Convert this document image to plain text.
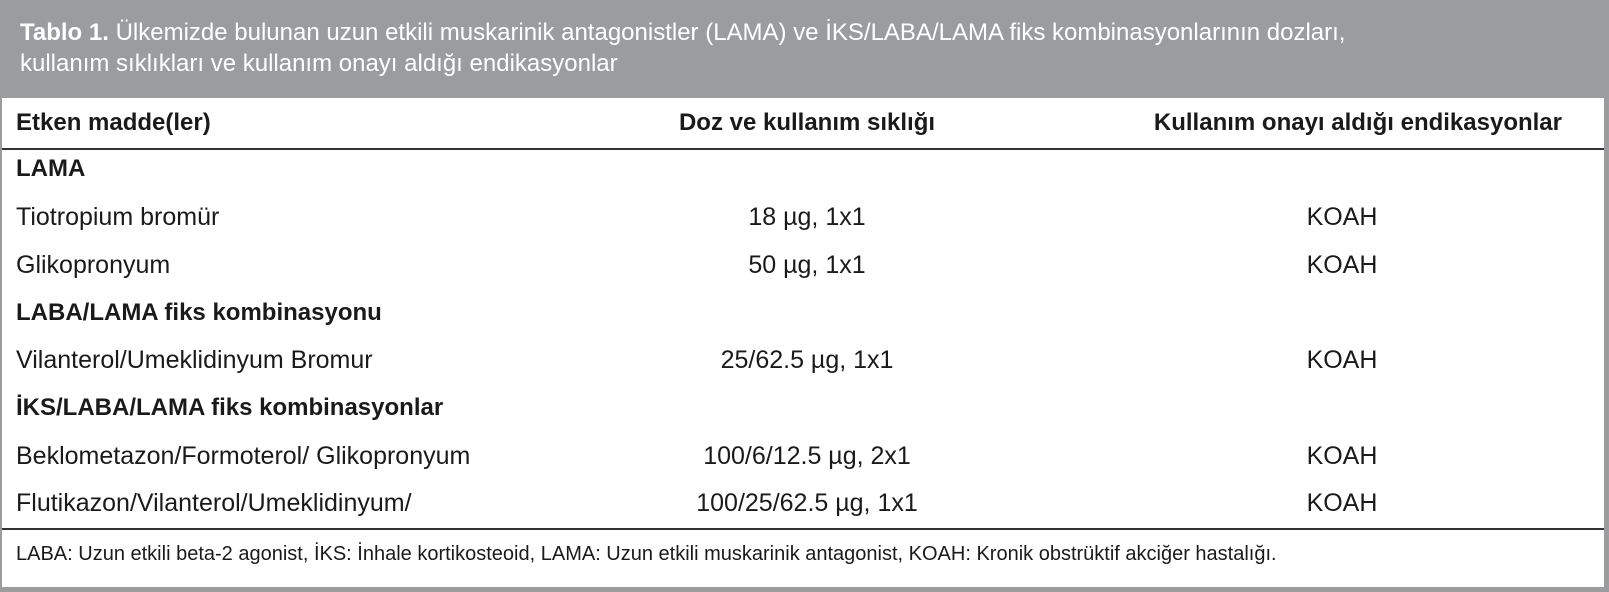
Tablo 1. Ülkemizde bulunan uzun etkili muskarinik antagonistler (LAMA) ve İKS/LABA/LAMA fiks kombinasyonlarının dozları,
kullanım sıklıkları ve kullanım onayı aldığı endikasyonlar
Etken madde(ler)	Doz ve kullanım sıklığı	Kullanım onayı aldığı endikasyonlar
LAMA
Tiotropium bromür	18 µg, 1x1	KOAH
Glikopronyum	50 µg, 1x1	KOAH
LABA/LAMA fiks kombinasyonu
Vilanterol/Umeklidinyum Bromur	25/62.5 µg, 1x1	KOAH
İKS/LABA/LAMA fiks kombinasyonlar
Beklometazon/Formoterol/ Glikopronyum	100/6/12.5 µg, 2x1	KOAH
Flutikazon/Vilanterol/Umeklidinyum/	100/25/62.5 µg, 1x1	KOAH
LABA: Uzun etkili beta-2 agonist, İKS: İnhale kortikosteoid, LAMA: Uzun etkili muskarinik antagonist, KOAH: Kronik obstrüktif akciğer hastalığı.
